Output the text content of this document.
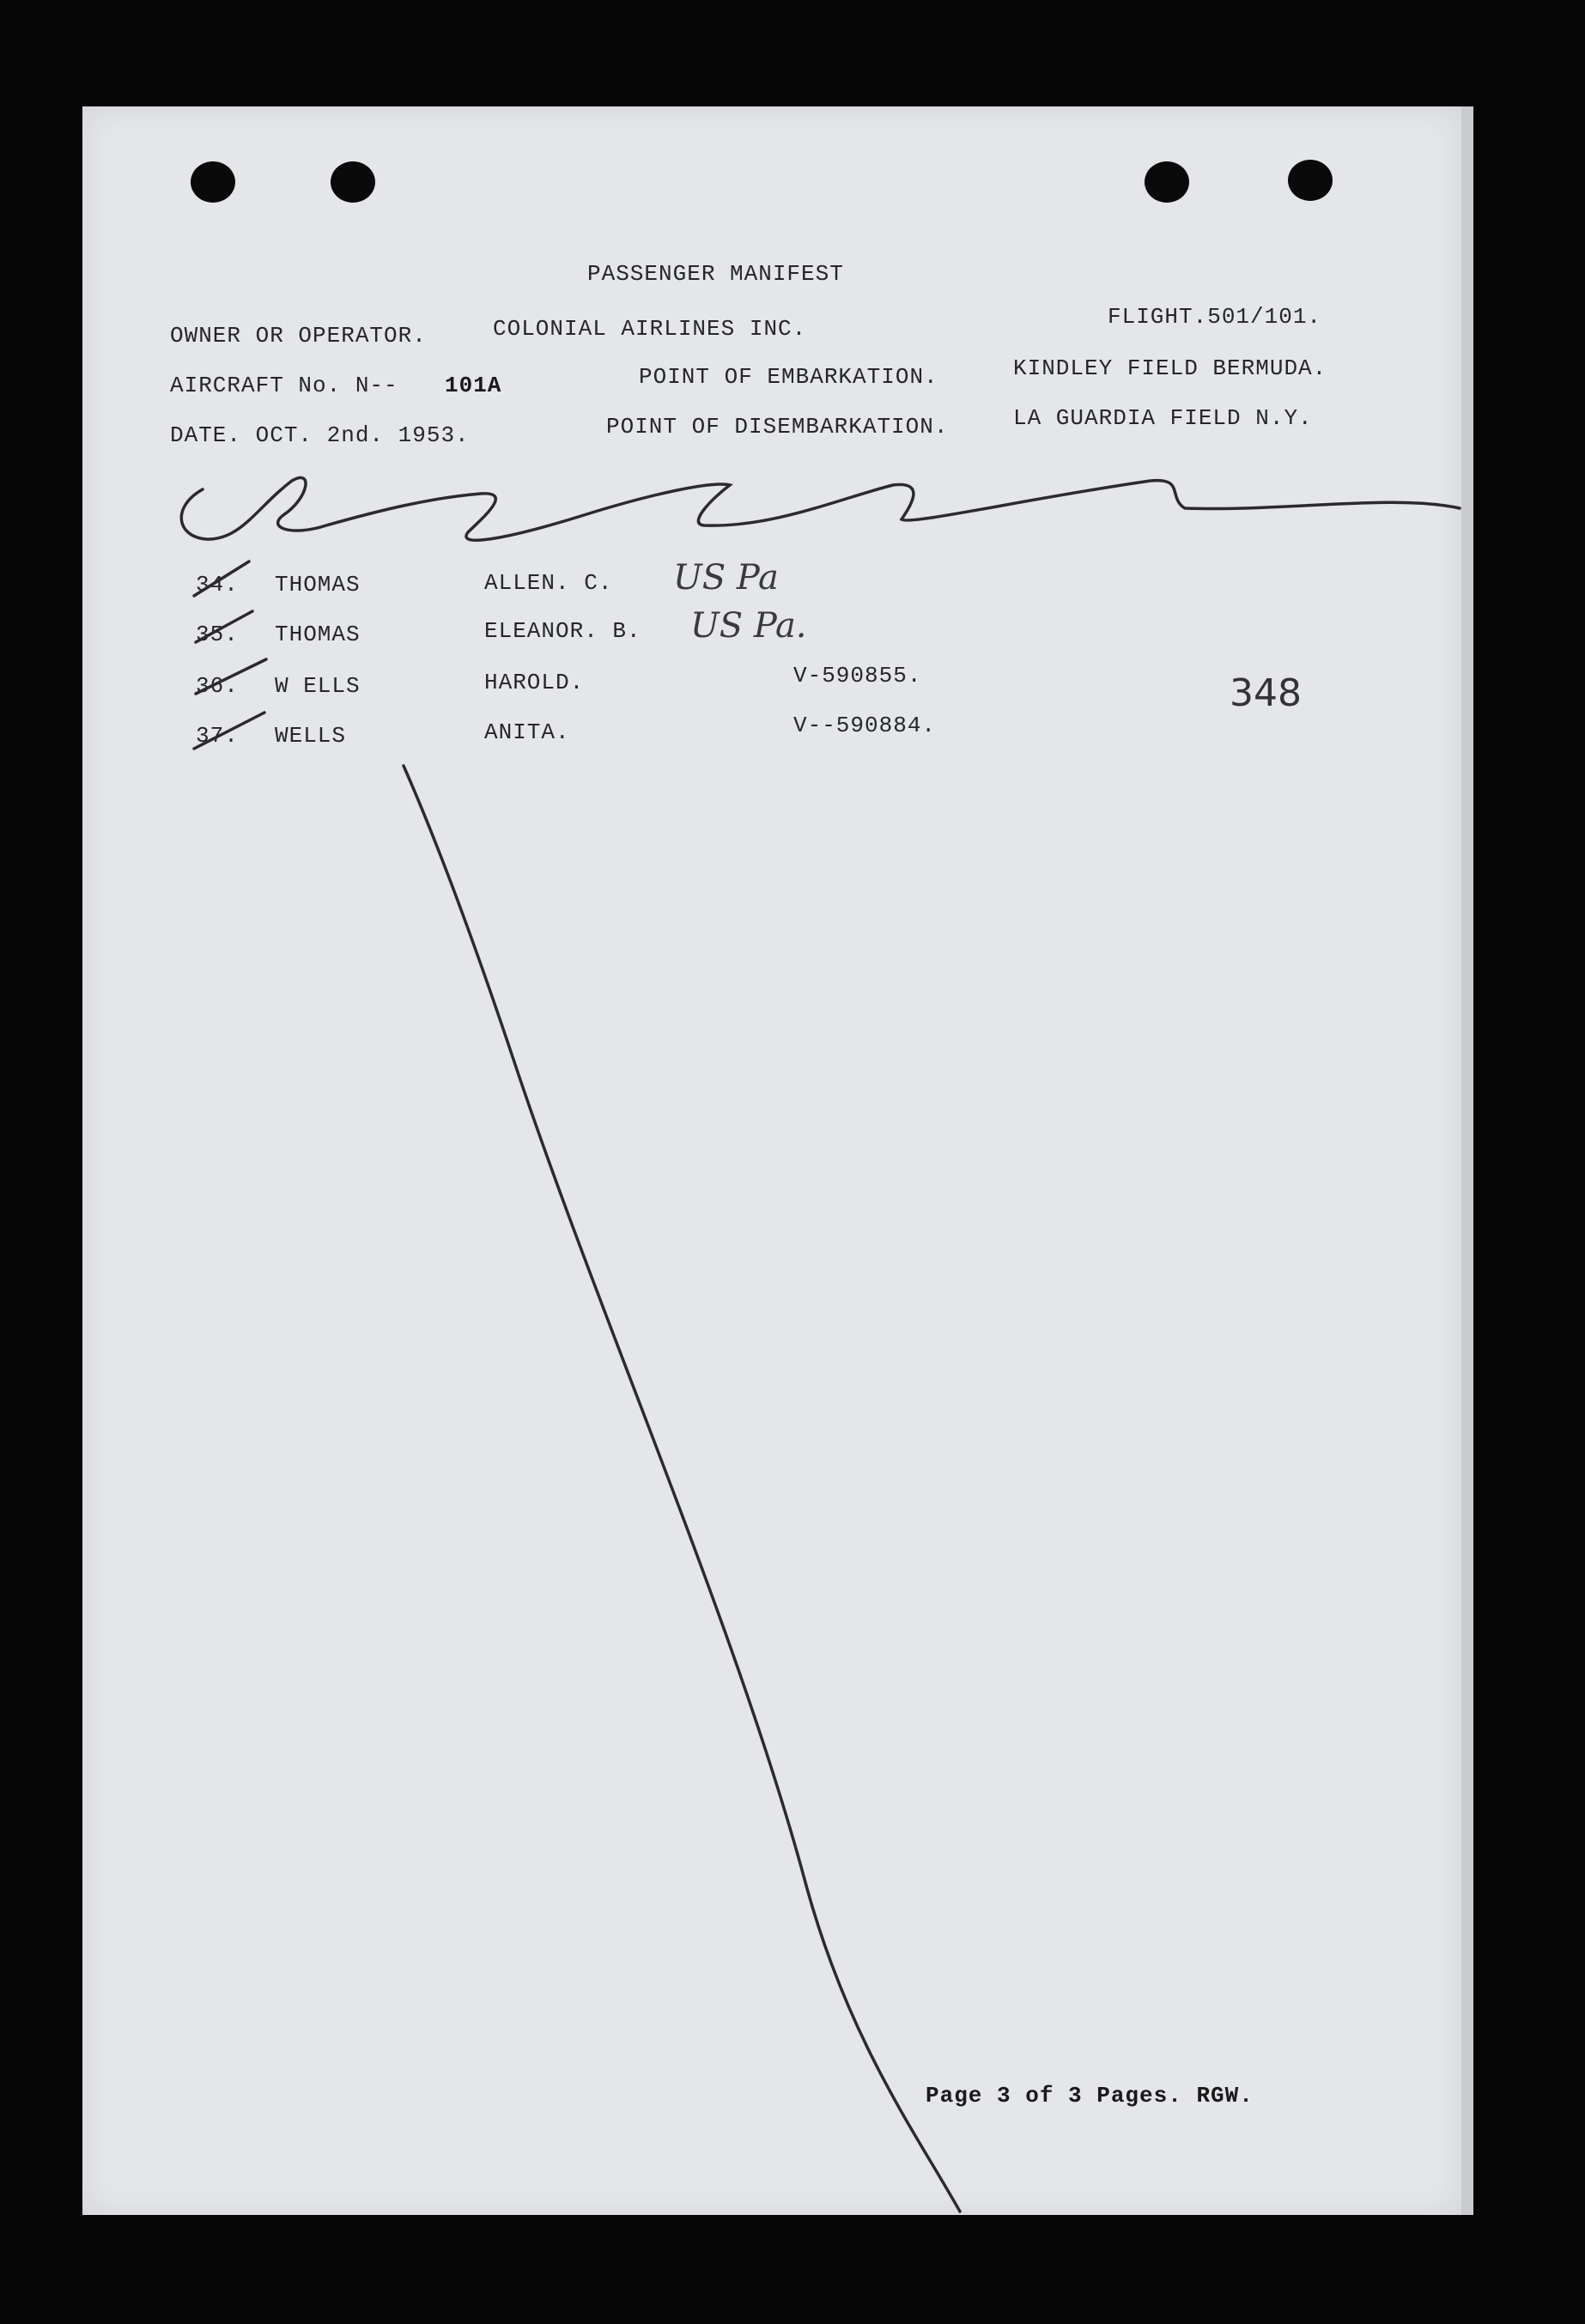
PASSENGER MANIFEST
OWNER OR OPERATOR.	COLONIAL AIRLINES INC.	FLIGHT.501/101.
AIRCRAFT No. N-- 101A	POINT OF EMBARKATION.	KINDLEY FIELD BERMUDA.
DATE. OCT. 2nd. 1953.	POINT OF DISEMBARKATION.	LA GUARDIA FIELD N.Y.
34. THOMAS	ALLEN. C. US Pa
35. THOMAS	ELEANOR. B. US Pa.
36. W ELLS	HAROLD.	V-590855.
37. WELLS	ANITA.	V--590884.
348
Page 3 of 3 Pages. RGW.
